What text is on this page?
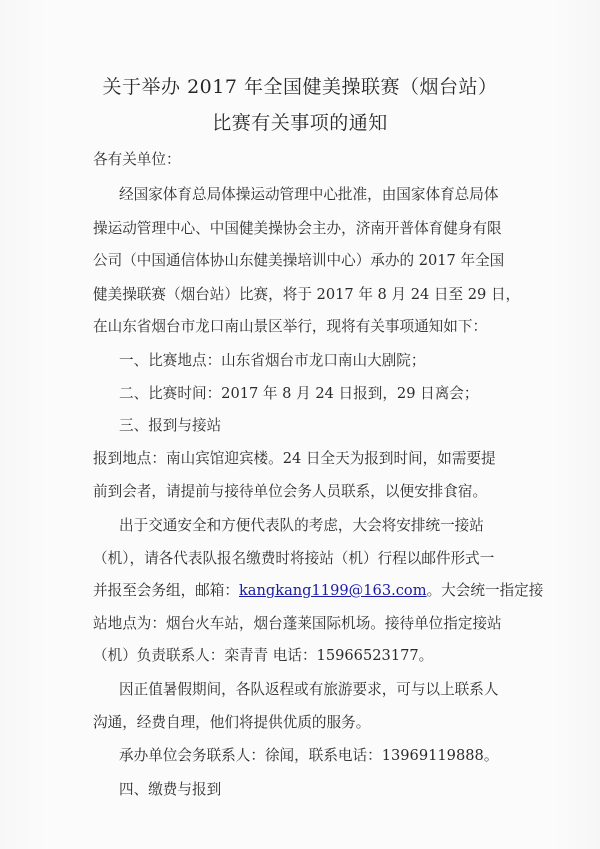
关于举办 2017 年全国健美操联赛（烟台站）
比赛有关事项的通知
各有关单位：
经国家体育总局体操运动管理中心批准，由国家体育总局体
操运动管理中心、中国健美操协会主办，济南开普体育健身有限
公司（中国通信体协山东健美操培训中心）承办的 2017 年全国
健美操联赛（烟台站）比赛，将于 2017 年 8 月 24 日至 29 日，
在山东省烟台市龙口南山景区举行，现将有关事项通知如下：
一、比赛地点：山东省烟台市龙口南山大剧院；
二、比赛时间：2017 年 8 月 24 日报到，29 日离会；
三、报到与接站
报到地点：南山宾馆迎宾楼。24 日全天为报到时间，如需要提
前到会者，请提前与接待单位会务人员联系，以便安排食宿。
出于交通安全和方便代表队的考虑，大会将安排统一接站
（机），请各代表队报名缴费时将接站（机）行程以邮件形式一
并报至会务组，邮箱：kangkang1199@163.com。大会统一指定接
站地点为：烟台火车站，烟台蓬莱国际机场。接待单位指定接站
（机）负责联系人：栾青青 电话：15966523177。
因正值暑假期间，各队返程或有旅游要求，可与以上联系人
沟通，经费自理，他们将提供优质的服务。
承办单位会务联系人：徐闻，联系电话：13969119888。
四、缴费与报到
